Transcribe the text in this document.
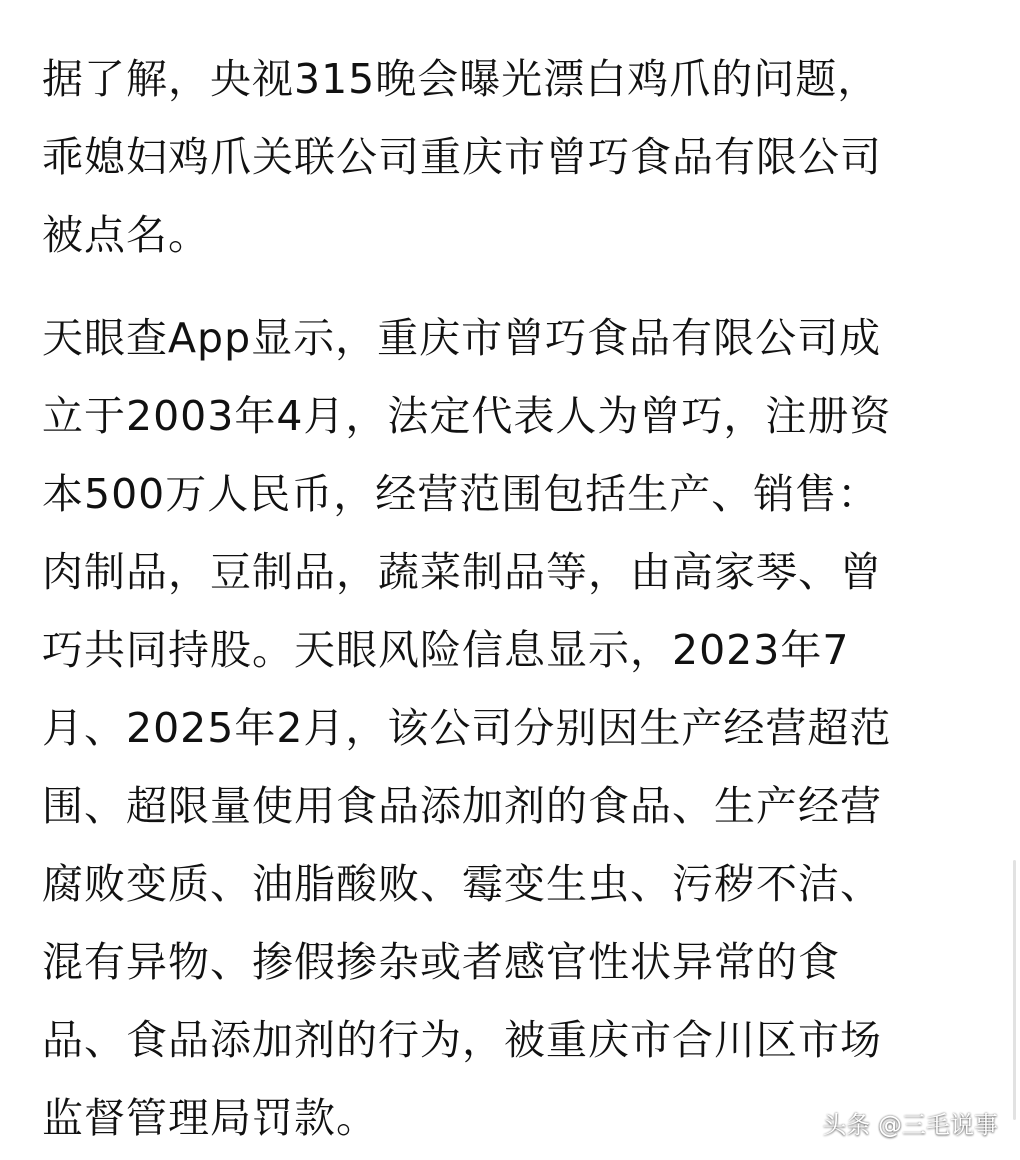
据了解，央视315晚会曝光漂白鸡爪的问题，
乖媳妇鸡爪关联公司重庆市曾巧食品有限公司
被点名。
天眼查App显示，重庆市曾巧食品有限公司成
立于2003年4月，法定代表人为曾巧，注册资
本500万人民币，经营范围包括生产、销售：
肉制品，豆制品，蔬菜制品等，由高家琴、曾
巧共同持股。天眼风险信息显示，2023年7
月、2025年2月，该公司分别因生产经营超范
围、超限量使用食品添加剂的食品、生产经营
腐败变质、油脂酸败、霉变生虫、污秽不洁、
混有异物、掺假掺杂或者感官性状异常的食
品、食品添加剂的行为，被重庆市合川区市场
监督管理局罚款。	头条 @三毛说事
